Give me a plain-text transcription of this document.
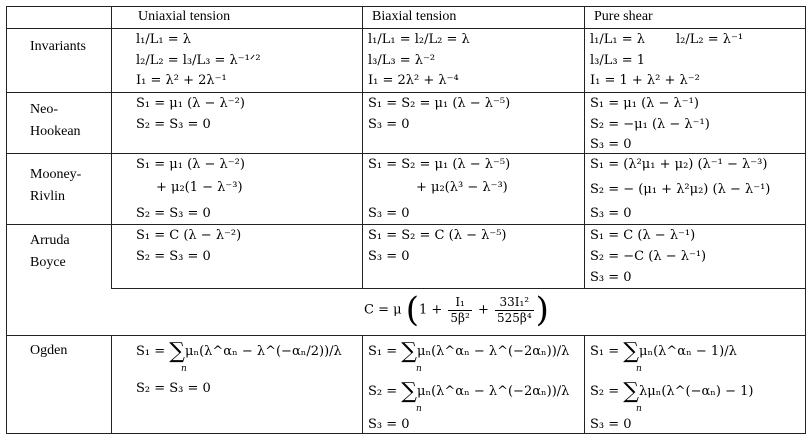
Uniaxial tension	Biaxial tension	Pure shear
Invariants
Neo-
Hookean
Mooney-
Rivlin
Arruda
Boyce
Ogden
l₁/L₁ = λ
l₂/L₂ = l₃/L₃ = λ⁻¹ᐟ²
I₁ = λ² + 2λ⁻¹
l₁/L₁ = l₂/L₂ = λ
l₃/L₃ = λ⁻²
I₁ = 2λ² + λ⁻⁴
l₁/L₁ = λ l₂/L₂ = λ⁻¹
l₃/L₃ = 1
I₁ = 1 + λ² + λ⁻²
S₁ = μ₁ (λ − λ⁻²)
S₂ = S₃ = 0
S₁ = S₂ = μ₁ (λ − λ⁻⁵)
S₃ = 0
S₁ = μ₁ (λ − λ⁻¹)
S₂ = −μ₁ (λ − λ⁻¹)
S₃ = 0
S₁ = μ₁ (λ − λ⁻²)
+ μ₂(1 − λ⁻³)
S₂ = S₃ = 0
S₁ = S₂ = μ₁ (λ − λ⁻⁵)
+ μ₂(λ³ − λ⁻³)
S₃ = 0
S₁ = (λ²μ₁ + μ₂) (λ⁻¹ − λ⁻³)
S₂ = − (μ₁ + λ²μ₂) (λ − λ⁻¹)
S₃ = 0
S₁ = C (λ − λ⁻²)
S₂ = S₃ = 0
S₁ = S₂ = C (λ − λ⁻⁵)
S₃ = 0
S₁ = C (λ − λ⁻¹)
S₂ = −C (λ − λ⁻¹)
S₃ = 0
C = μ ($1 + \frac{\text{I₁}}{\text{5β²}} + \frac{\text{33I₁²}}{\text{525β⁴}}$ )
S₁ = ∑μₙ(λ^αₙ − λ^(−αₙ/2))/λ
n
S₂ = S₃ = 0
S₁ = ∑μₙ(λ^αₙ − λ^(−2αₙ))/λ
n
S₂ = ∑μₙ(λ^αₙ − λ^(−2αₙ))/λ
n
S₃ = 0
S₁ = ∑μₙ(λ^αₙ − 1)/λ
n
S₂ = ∑λμₙ(λ^(−αₙ) − 1)
n
S₃ = 0
